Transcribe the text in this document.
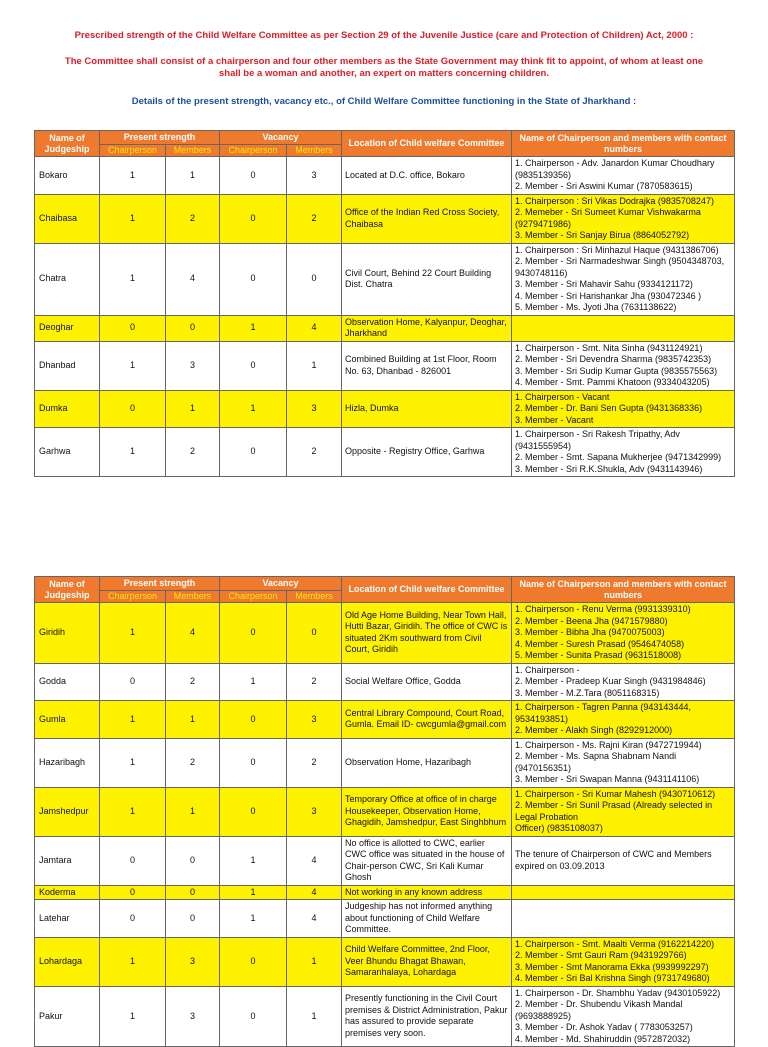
Prescribed strength of the Child Welfare Committee as per Section 29 of the Juvenile Justice (care and Protection of Children) Act, 2000 :

The Committee shall consist of a chairperson and four other members as the State Government may think fit to appoint, of whom at least one shall be a woman and another, an expert on matters concerning children.

Details of the present strength, vacancy etc., of Child Welfare Committee functioning in the State of Jharkhand :

Name of Judgeship	Present strength		Vacancy		Location of Child welfare Committee	Name of Chairperson and members with contact numbers
	Chairperson	Members	Chairperson	Members		
Bokaro	1	1	0	3	Located at D.C. office, Bokaro	1. Chairperson - Adv. Janardon Kumar Choudhary (9835139356)
2. Member - Sri Aswini Kumar (7870583615)

Chaibasa	1	2	0	2	Office of the Indian Red Cross Society, Chaibasa	1. Chairperson : Sri Vikas Dodrajka (9835708247)
2. Memeber - Sri Sumeet Kumar Vishwakarma (9279471986)
3. Member - Sri Sanjay Birua (8864052792)

Chatra	1	4	0	0	Civil Court, Behind 22 Court Building Dist. Chatra	1. Chairperson : Sri Minhazul Haque (9431386706)
2. Member - Sri Narmadeshwar Singh (9504348703, 9430748116)
3. Member - Sri Mahavir Sahu (9334121172)
4. Member - Sri Harishankar Jha (930472346 )
5. Member - Ms. Jyoti Jha (7631138622)

Deoghar	0	0	1	4	Observation Home, Kalyanpur, Deoghar, Jharkhand	
Dhanbad	1	3	0	1	Combined Building at 1st Floor, Room No. 63, Dhanbad - 826001	1. Chairperson - Smt. Nita Sinha (9431124921)
2. Member - Sri Devendra Sharma (9835742353)
3. Member - Sri Sudip Kumar Gupta (9835575563)
4. Member - Smt. Pammi Khatoon (9334043205)

Dumka	0	1	1	3	Hizla, Dumka	1. Chairperson - Vacant
2. Member - Dr. Bani Sen Gupta (9431368336)
3. Member - Vacant

Garhwa	1	2	0	2	Opposite - Registry Office, Garhwa	1. Chairperson - Sri Rakesh Tripathy, Adv (9431555954)
2. Member - Smt. Sapana Mukherjee (9471342999)
3. Member - Sri R.K.Shukla, Adv (9431143946)
Name of Judgeship	Present strength		Vacancy		Location of Child welfare Committee	Name of Chairperson and members with contact numbers
	Chairperson	Members	Chairperson	Members		
Giridih	1	4	0	0	Old Age Home Building, Near Town Hall, Hutti Bazar, Giridih. The office of CWC is situated 2Km southward from Civil Court, Giridih	1. Chairperson - Renu Verma (9931339310)
2. Member - Beena Jha (9471579880)
3. Member - Bibha Jha (9470075003)
4. Member - Suresh Prasad (9546474058)
5. Member - Sunita Prasad (9631518008)

Godda	0	2	1	2	Social Welfare Office, Godda	1. Chairperson -
2. Member - Pradeep Kuar Singh (9431984846)
3. Member - M.Z.Tara (8051168315)

Gumla	1	1	0	3	Central Library Compound, Court Road, Gumla. Email ID- cwcgumla@gmail.com	1. Chairperson - Tagren Panna (943143444, 9534193851)
2. Member - Alakh Singh (8292912000)

Hazaribagh	1	2	0	2	Observation Home, Hazaribagh	1. Chairperson - Ms. Rajni Kiran (9472719944)
2. Member - Ms. Sapna Shabnam Nandi (9470156351)
3. Member - Sri Swapan Manna (9431141106)

Jamshedpur	1	1	0	3	Temporary Office at office of in charge Housekeeper, Observation Home, Ghagidih, Jamshedpur, East Singhbhum	1. Chairperson - Sri Kumar Mahesh (9430710612)
2. Member - Sri Sunil Prasad (Already selected in Legal Probation
Officer) (9835108037)

Jamtara	0	0	1	4	No office is allotted to CWC, earlier CWC office was situated in the house of Chair-person CWC, Sri Kali Kumar Ghosh	The tenure of Chairperson of CWC and Members expired on 03.09.2013

Koderma	0	0	1	4	Not working in any known address	
Latehar	0	0	1	4	Judgeship has not informed anything about functioning of Child Welfare Committee.	
Lohardaga	1	3	0	1	Child Welfare Committee, 2nd Floor, Veer Bhundu Bhagat Bhawan, Samaranhalaya, Lohardaga	1. Chairperson - Smt. Maalti Verma (9162214220)
2. Member - Smt Gauri Ram (9431929766)
3. Member - Smt Manorama Ekka (9939992297)
4. Member - Sri Bal Krishna Singh (9731749680)

Pakur	1	3	0	1	Presently functioning in the Civil Court premises & District Administration, Pakur has assured to provide separate premises very soon.	1. Chairperson - Dr. Shambhu Yadav (9430105922)
2. Member - Dr. Shubendu Vikash Mandal (9693888925)
3. Member - Dr. Ashok Yadav ( 7783053257)
4. Member - Md. Shahiruddin (9572872032)
